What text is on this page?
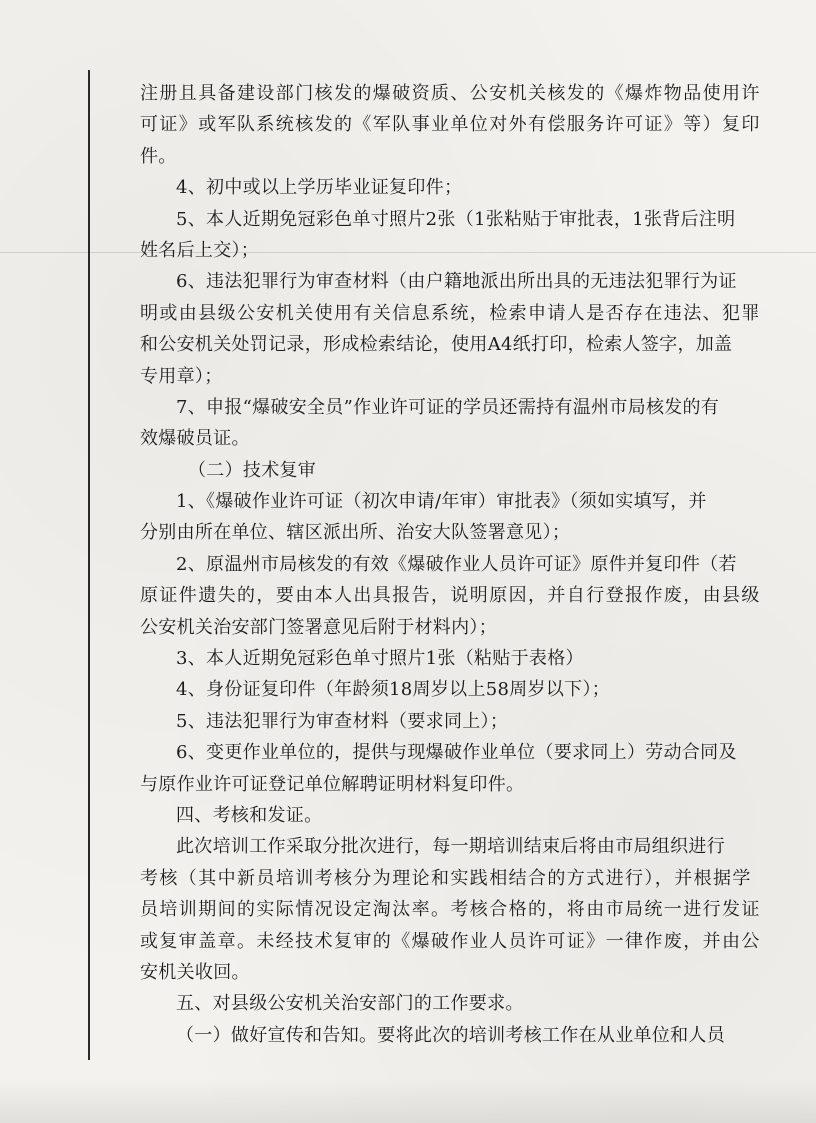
注册且具备建设部门核发的爆破资质、公安机关核发的《爆炸物品使用许
可证》或军队系统核发的《军队事业单位对外有偿服务许可证》等）复印
件。
4、初中或以上学历毕业证复印件；
5、本人近期免冠彩色单寸照片2张（1张粘贴于审批表，1张背后注明
姓名后上交）；
6、违法犯罪行为审查材料（由户籍地派出所出具的无违法犯罪行为证
明或由县级公安机关使用有关信息系统，检索申请人是否存在违法、犯罪
和公安机关处罚记录，形成检索结论，使用A4纸打印，检索人签字，加盖
专用章）；
7、申报“爆破安全员”作业许可证的学员还需持有温州市局核发的有
效爆破员证。
（二）技术复审
1、《爆破作业许可证（初次申请/年审）审批表》（须如实填写，并
分别由所在单位、辖区派出所、治安大队签署意见）；
2、原温州市局核发的有效《爆破作业人员许可证》原件并复印件（若
原证件遗失的，要由本人出具报告，说明原因，并自行登报作废，由县级
公安机关治安部门签署意见后附于材料内）；
3、本人近期免冠彩色单寸照片1张（粘贴于表格）
4、身份证复印件（年龄须18周岁以上58周岁以下）；
5、违法犯罪行为审查材料（要求同上）；
6、变更作业单位的，提供与现爆破作业单位（要求同上）劳动合同及
与原作业许可证登记单位解聘证明材料复印件。
四、考核和发证。
此次培训工作采取分批次进行，每一期培训结束后将由市局组织进行
考核（其中新员培训考核分为理论和实践相结合的方式进行），并根据学
员培训期间的实际情况设定淘汰率。考核合格的，将由市局统一进行发证
或复审盖章。未经技术复审的《爆破作业人员许可证》一律作废，并由公
安机关收回。
五、对县级公安机关治安部门的工作要求。
（一）做好宣传和告知。要将此次的培训考核工作在从业单位和人员
